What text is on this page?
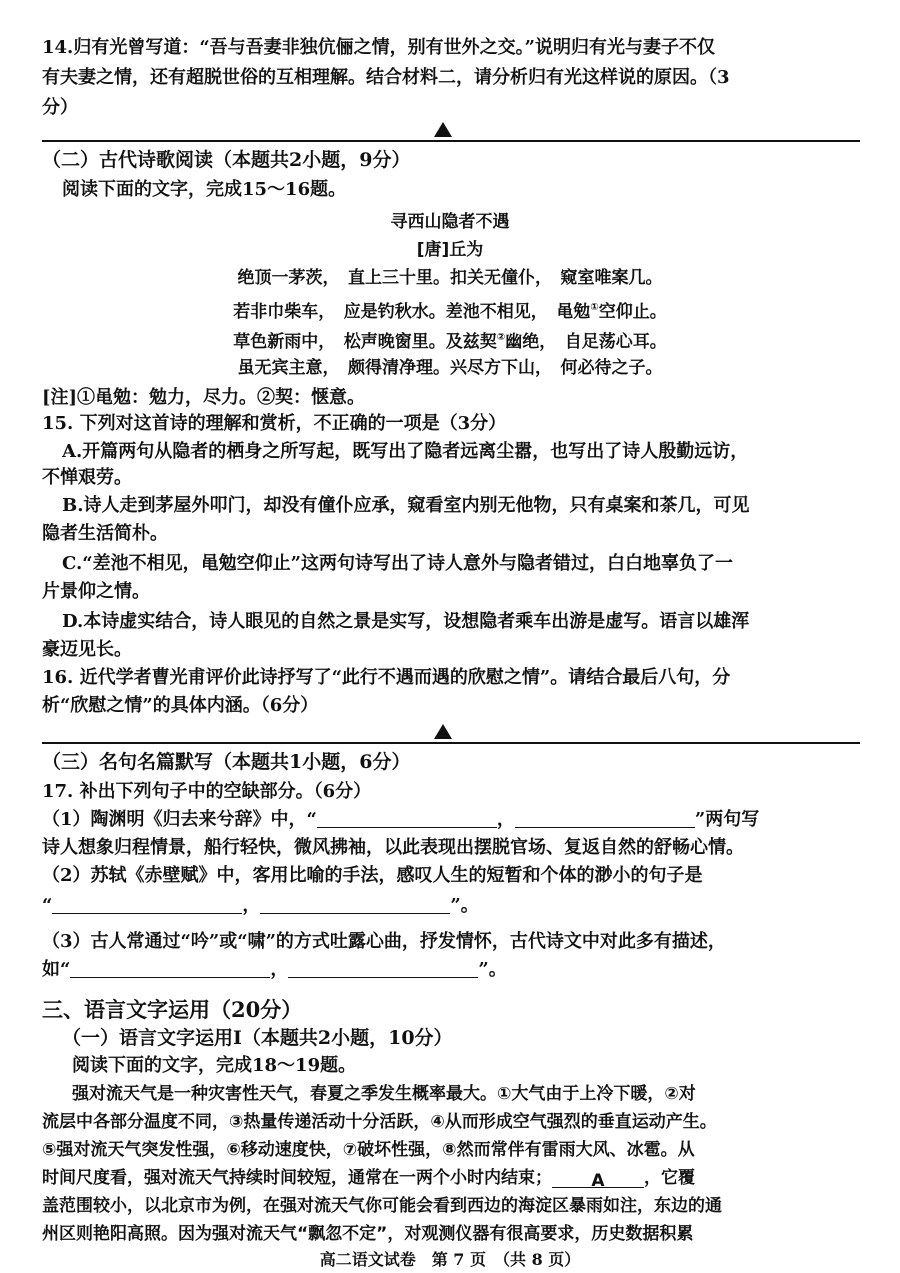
14.归有光曾写道：“吾与吾妻非独伉俪之情，别有世外之交。”说明归有光与妻子不仅
有夫妻之情，还有超脱世俗的互相理解。结合材料二，请分析归有光这样说的原因。（3
分）
（二）古代诗歌阅读（本题共2小题，9分）
阅读下面的文字，完成15～16题。
寻西山隐者不遇
[唐]丘为
绝顶一茅茨，　直上三十里。扣关无僮仆，　窥室唯案几。
若非巾柴车，　应是钓秋水。差池不相见，　黾勉①空仰止。
草色新雨中，　松声晚窗里。及兹契②幽绝，　自足荡心耳。
虽无宾主意，　颇得清净理。兴尽方下山，　何必待之子。
[注]①黾勉：勉力，尽力。②契：惬意。
15. 下列对这首诗的理解和赏析，不正确的一项是（3分）
A.开篇两句从隐者的栖身之所写起，既写出了隐者远离尘嚣，也写出了诗人殷勤远访，
不惮艰劳。
B.诗人走到茅屋外叩门，却没有僮仆应承，窥看室内别无他物，只有桌案和茶几，可见
隐者生活简朴。
C.“差池不相见，黾勉空仰止”这两句诗写出了诗人意外与隐者错过，白白地辜负了一
片景仰之情。
D.本诗虚实结合，诗人眼见的自然之景是实写，设想隐者乘车出游是虚写。语言以雄浑
豪迈见长。
16. 近代学者曹光甫评价此诗抒写了“此行不遇而遇的欣慰之情”。请结合最后八句，分
析“欣慰之情”的具体内涵。（6分）
（三）名句名篇默写（本题共1小题，6分）
17. 补出下列句子中的空缺部分。（6分）
（1）陶渊明《归去来兮辞》中，“	，	”两句写
诗人想象归程情景，船行轻快，微风拂袖，以此表现出摆脱官场、复返自然的舒畅心情。
（2）苏轼《赤壁赋》中，客用比喻的手法，感叹人生的短暂和个体的渺小的句子是
“	，	”。
（3）古人常通过“吟”或“啸”的方式吐露心曲，抒发情怀，古代诗文中对此多有描述，
如“	，	”。
三、语言文字运用（20分）
（一）语言文字运用Ⅰ（本题共2小题，10分）
阅读下面的文字，完成18～19题。
强对流天气是一种灾害性天气，春夏之季发生概率最大。①大气由于上冷下暖，②对
流层中各部分温度不同，③热量传递活动十分活跃，④从而形成空气强烈的垂直运动产生。
⑤强对流天气突发性强，⑥移动速度快，⑦破坏性强，⑧然而常伴有雷雨大风、冰雹。从
时间尺度看，强对流天气持续时间较短，通常在一两个小时内结束； A ，它覆
盖范围较小，以北京市为例，在强对流天气你可能会看到西边的海淀区暴雨如注，东边的通
州区则艳阳高照。因为强对流天气“飘忽不定”，对观测仪器有很高要求，历史数据积累
高二语文试卷　第 7 页　（共 8 页）
